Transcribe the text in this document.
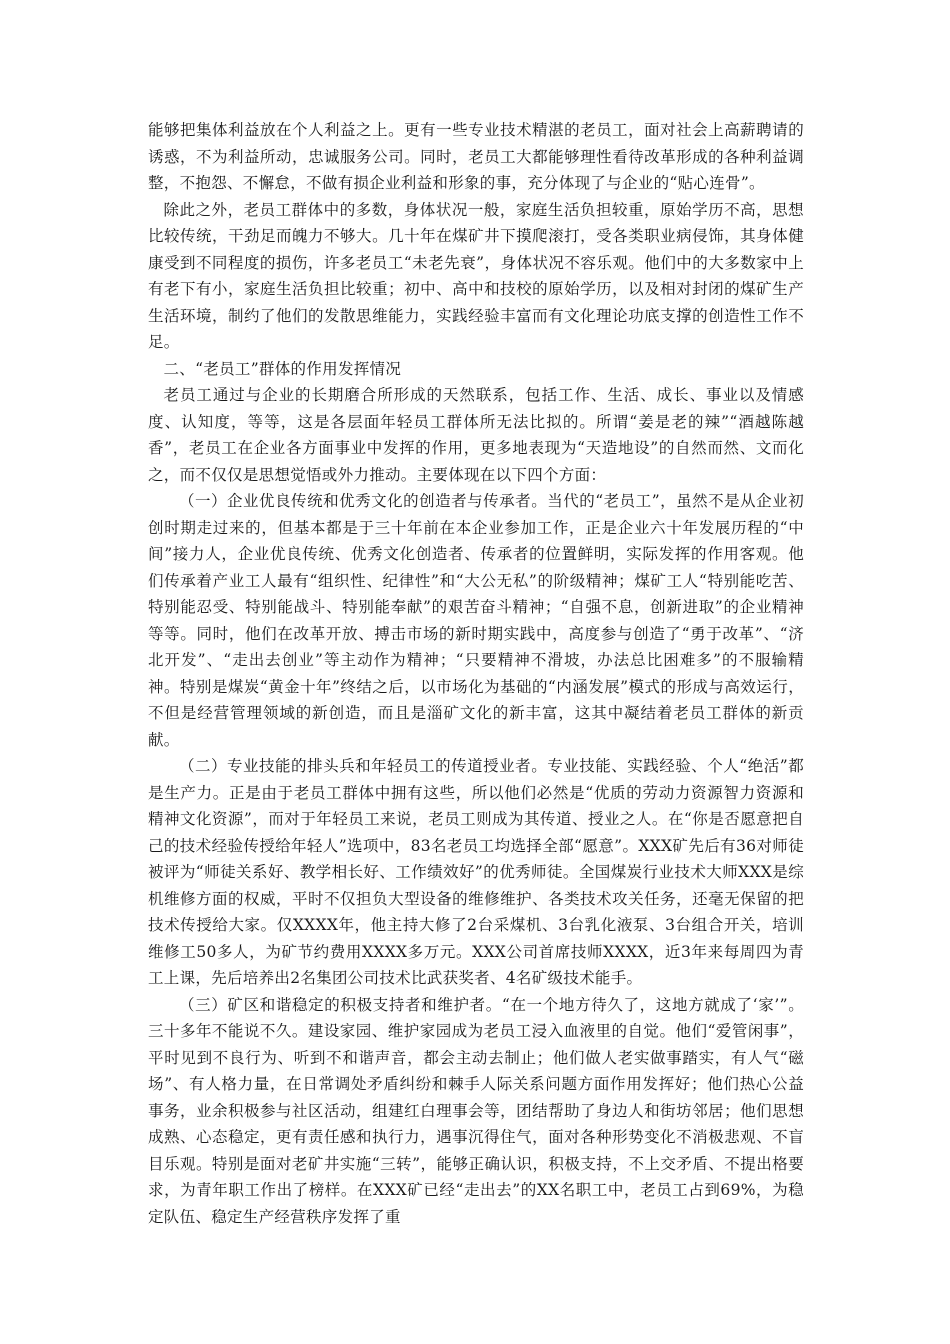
能够把集体利益放在个人利益之上。更有一些专业技术精湛的老员工，面对社会上高薪聘请的诱惑，不为利益所动，忠诚服务公司。同时，老员工大都能够理性看待改革形成的各种利益调整，不抱怨、不懈怠，不做有损企业利益和形象的事，充分体现了与企业的“贴心连骨”。

除此之外，老员工群体中的多数，身体状况一般，家庭生活负担较重，原始学历不高，思想比较传统，干劲足而魄力不够大。几十年在煤矿井下摸爬滚打，受各类职业病侵饰，其身体健康受到不同程度的损伤，许多老员工“未老先衰”，身体状况不容乐观。他们中的大多数家中上有老下有小，家庭生活负担比较重；初中、高中和技校的原始学历，以及相对封闭的煤矿生产生活环境，制约了他们的发散思维能力，实践经验丰富而有文化理论功底支撑的创造性工作不足。

二、“老员工”群体的作用发挥情况

老员工通过与企业的长期磨合所形成的天然联系，包括工作、生活、成长、事业以及情感度、认知度，等等，这是各层面年轻员工群体所无法比拟的。所谓“姜是老的辣”“酒越陈越香”，老员工在企业各方面事业中发挥的作用，更多地表现为“天造地设”的自然而然、文而化之，而不仅仅是思想觉悟或外力推动。主要体现在以下四个方面：

（一）企业优良传统和优秀文化的创造者与传承者。当代的“老员工”，虽然不是从企业初创时期走过来的，但基本都是于三十年前在本企业参加工作，正是企业六十年发展历程的“中间”接力人，企业优良传统、优秀文化创造者、传承者的位置鲜明，实际发挥的作用客观。他们传承着产业工人最有“组织性、纪律性”和“大公无私”的阶级精神；煤矿工人“特别能吃苦、特别能忍受、特别能战斗、特别能奉献”的艰苦奋斗精神；“自强不息，创新进取”的企业精神等等。同时，他们在改革开放、搏击市场的新时期实践中，高度参与创造了“勇于改革”、“济北开发”、“走出去创业”等主动作为精神；“只要精神不滑坡，办法总比困难多”的不服输精神。特别是煤炭“黄金十年”终结之后，以市场化为基础的“内涵发展”模式的形成与高效运行，不但是经营管理领域的新创造，而且是淄矿文化的新丰富，这其中凝结着老员工群体的新贡献。

（二）专业技能的排头兵和年轻员工的传道授业者。专业技能、实践经验、个人“绝活”都是生产力。正是由于老员工群体中拥有这些，所以他们必然是“优质的劳动力资源智力资源和精神文化资源”，而对于年轻员工来说，老员工则成为其传道、授业之人。在“你是否愿意把自己的技术经验传授给年轻人”选项中，83名老员工均选择全部“愿意”。XXX矿先后有36对师徒被评为“师徒关系好、教学相长好、工作绩效好”的优秀师徒。全国煤炭行业技术大师XXX是综机维修方面的权威，平时不仅担负大型设备的维修维护、各类技术攻关任务，还毫无保留的把技术传授给大家。仅XXXX年，他主持大修了2台采煤机、3台乳化液泵、3台组合开关，培训维修工50多人，为矿节约费用XXXX多万元。XXX公司首席技师XXXX，近3年来每周四为青工上课，先后培养出2名集团公司技术比武获奖者、4名矿级技术能手。

（三）矿区和谐稳定的积极支持者和维护者。“在一个地方待久了，这地方就成了‘家’”。三十多年不能说不久。建设家园、维护家园成为老员工浸入血液里的自觉。他们“爱管闲事”，平时见到不良行为、听到不和谐声音，都会主动去制止；他们做人老实做事踏实，有人气“磁场”、有人格力量，在日常调处矛盾纠纷和棘手人际关系问题方面作用发挥好；他们热心公益事务，业余积极参与社区活动，组建红白理事会等，团结帮助了身边人和街坊邻居；他们思想成熟、心态稳定，更有责任感和执行力，遇事沉得住气，面对各种形势变化不消极悲观、不盲目乐观。特别是面对老矿井实施“三转”，能够正确认识，积极支持，不上交矛盾、不提出格要求，为青年职工作出了榜样。在XXX矿已经“走出去”的XX名职工中，老员工占到69%，为稳定队伍、稳定生产经营秩序发挥了重
